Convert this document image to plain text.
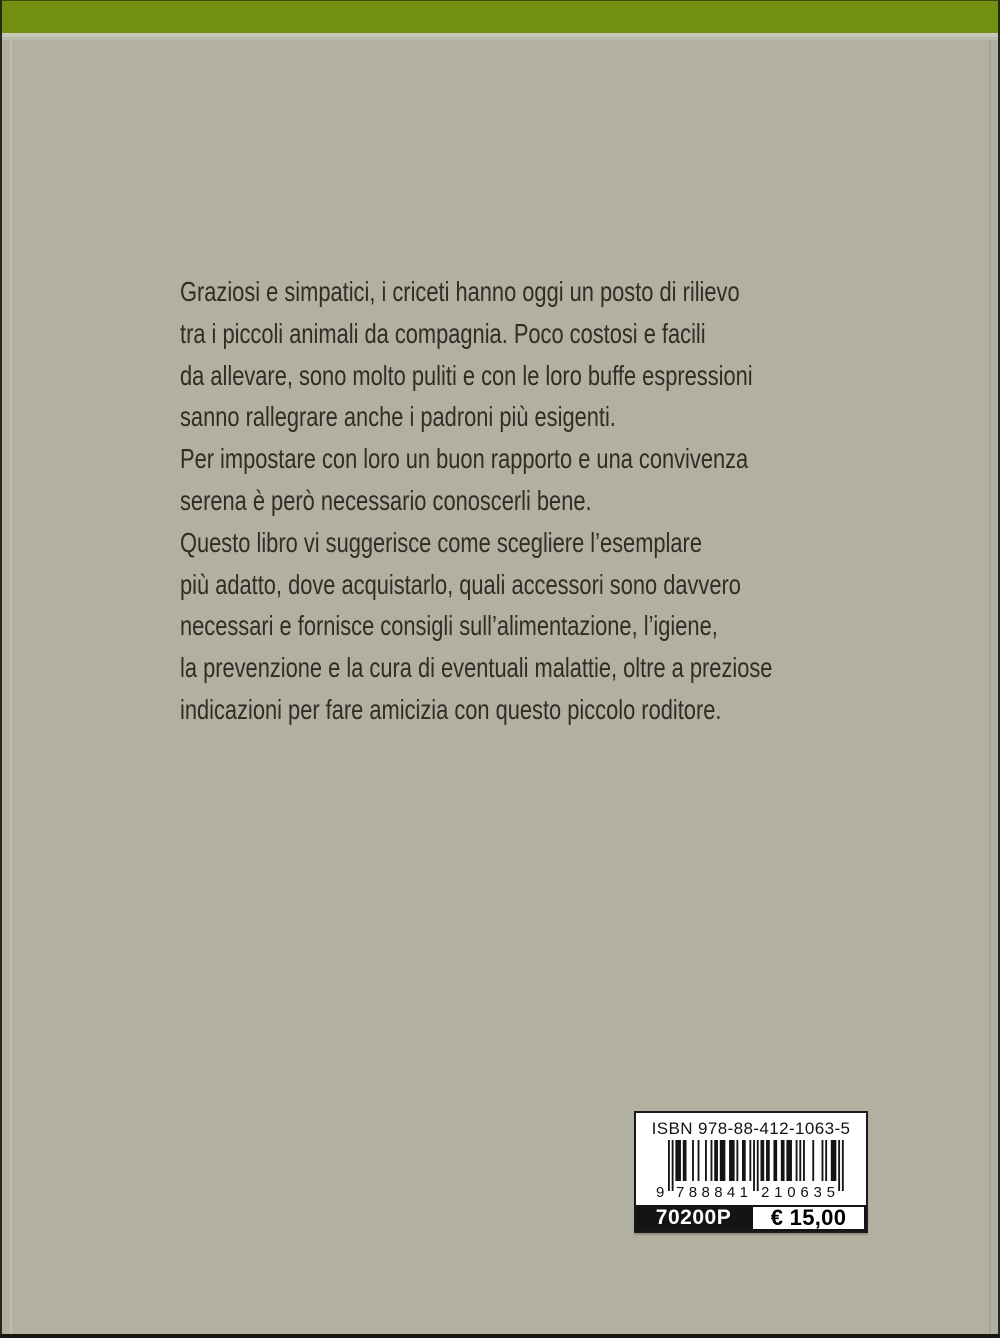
Graziosi e simpatici, i criceti hanno oggi un posto di rilievo
tra i piccoli animali da compagnia. Poco costosi e facili
da allevare, sono molto puliti e con le loro buffe espressioni
sanno rallegrare anche i padroni più esigenti.
Per impostare con loro un buon rapporto e una convivenza
serena è però necessario conoscerli bene.
Questo libro vi suggerisce come scegliere l’esemplare
più adatto, dove acquistarlo, quali accessori sono davvero
necessari e fornisce consigli sull’alimentazione, l’igiene,
la prevenzione e la cura di eventuali malattie, oltre a preziose
indicazioni per fare amicizia con questo piccolo roditore.
ISBN 978-88-412-1063-5
9 788841 210635
70200P	€ 15,00
